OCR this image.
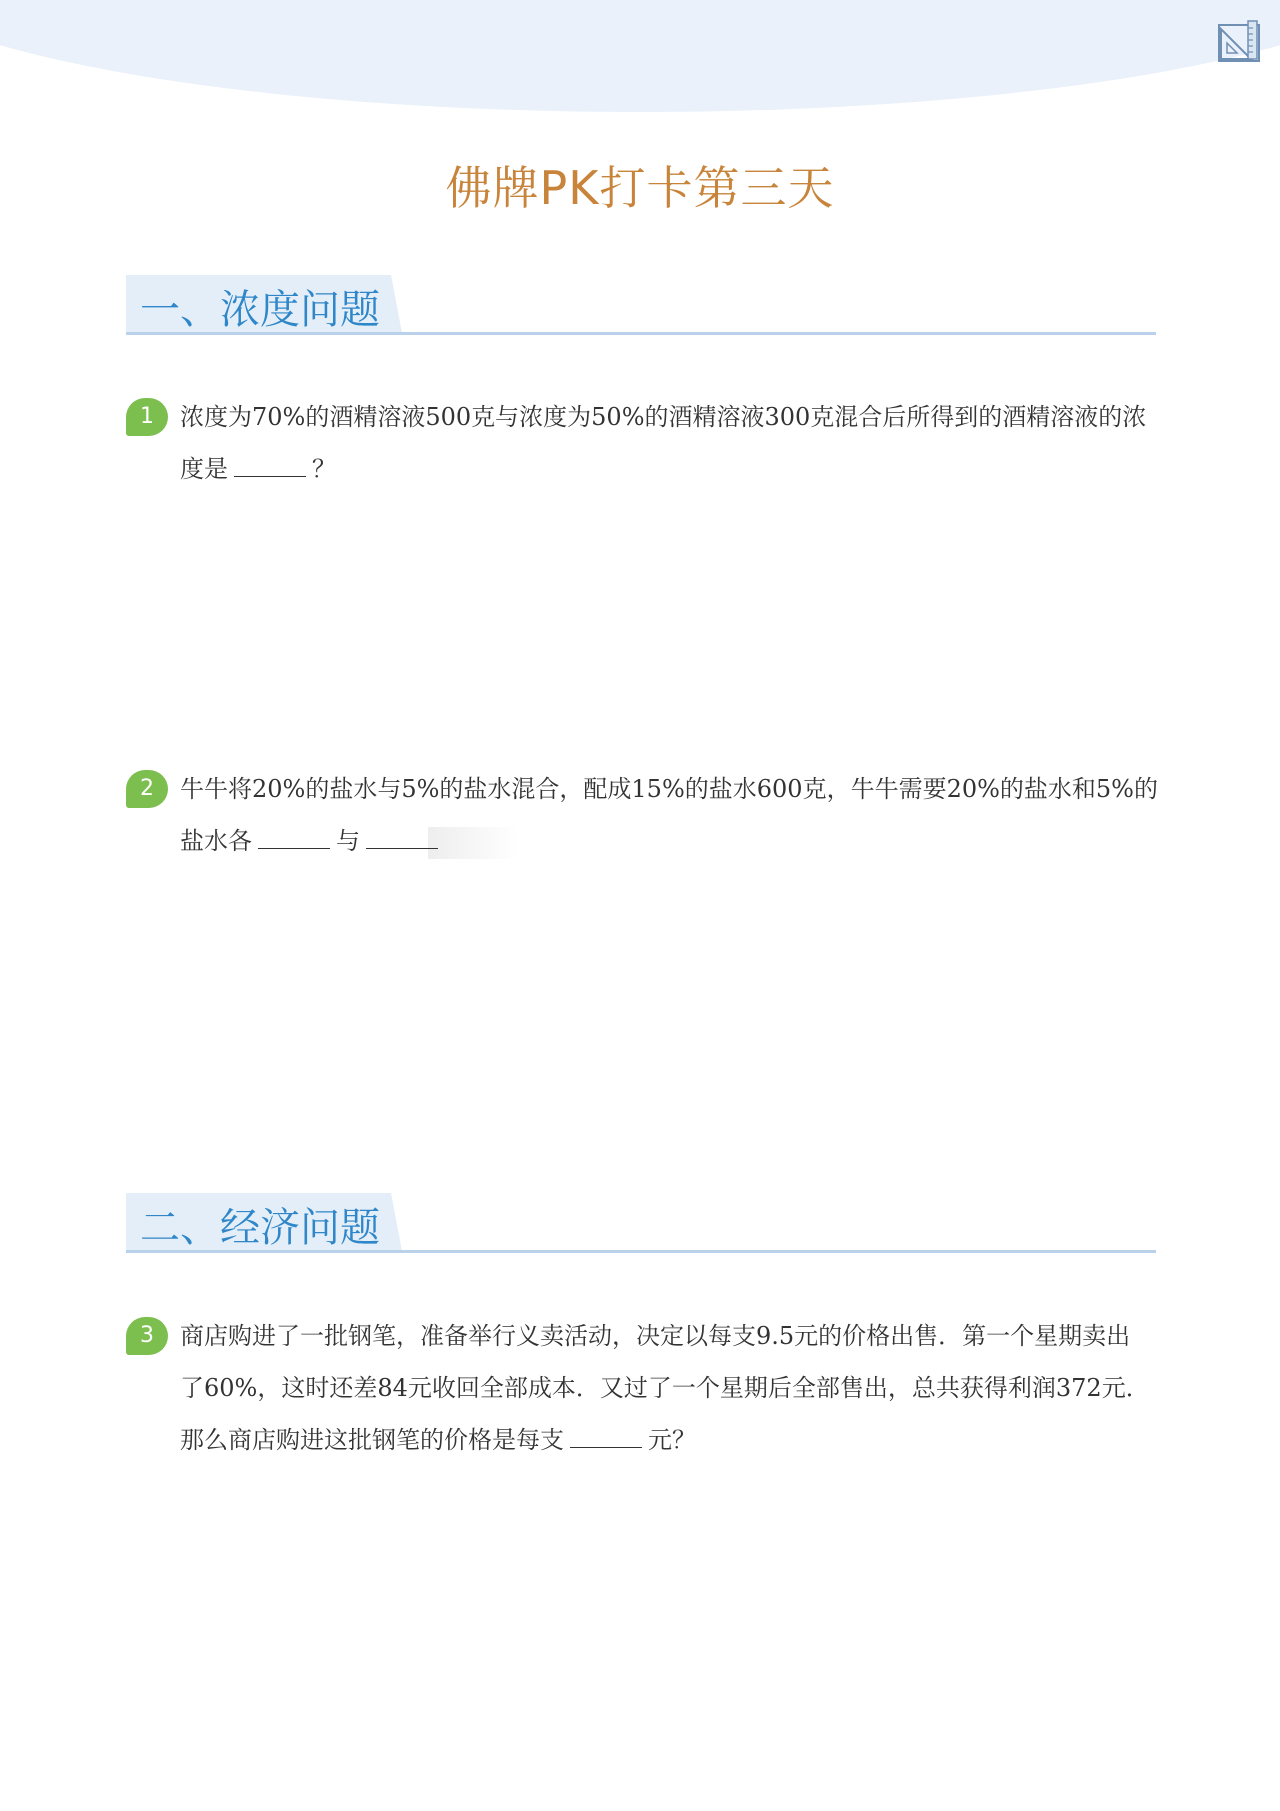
佛牌PK打卡第三天
一、浓度问题
1	浓度为70%的酒精溶液500克与浓度为50%的酒精溶液300克混合后所得到的酒精溶液的浓
度是	？
2	牛牛将20%的盐水与5%的盐水混合，配成15%的盐水600克，牛牛需要20%的盐水和5%的
盐水各	与
二、经济问题
3	商店购进了一批钢笔，准备举行义卖活动，决定以每支9.5元的价格出售．第一个星期卖出
了60%，这时还差84元收回全部成本．又过了一个星期后全部售出，总共获得利润372元．
那么商店购进这批钢笔的价格是每支	元？
